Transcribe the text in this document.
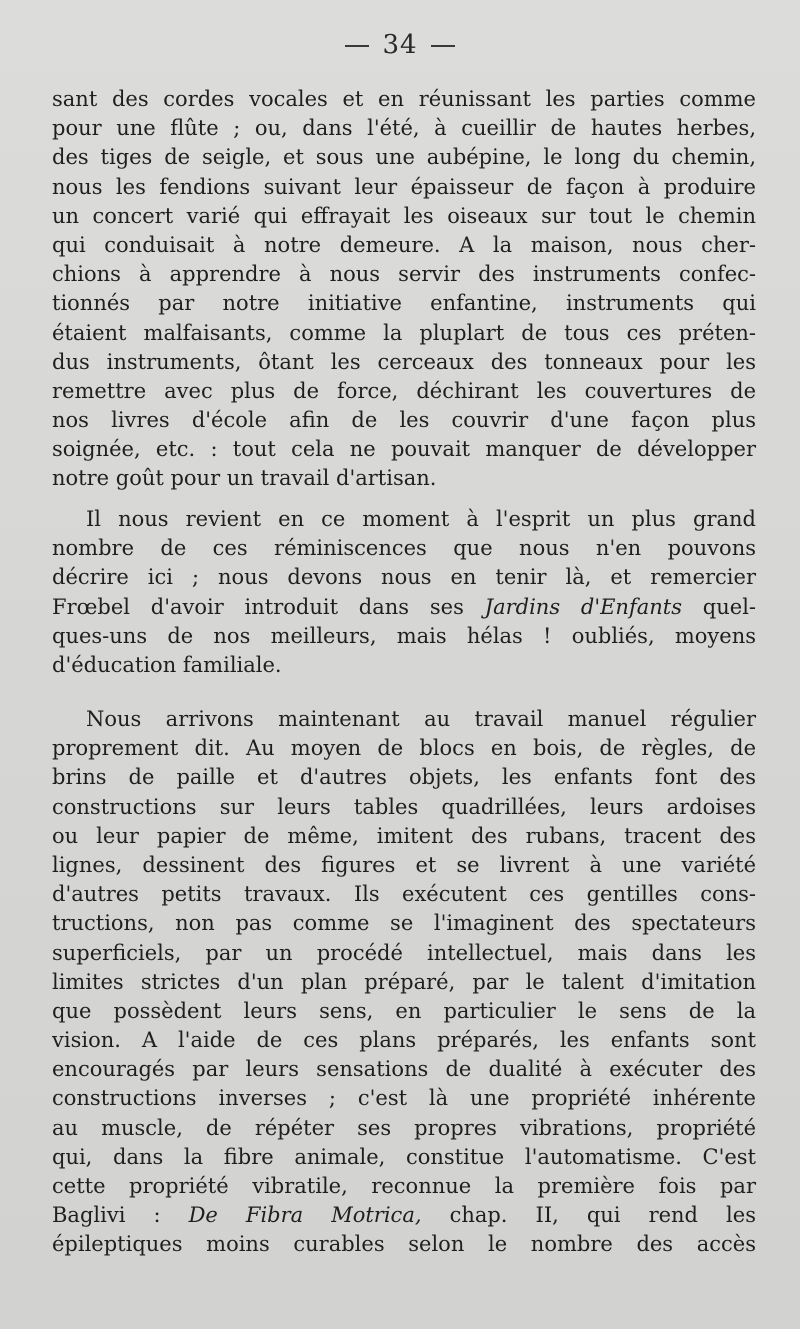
34
sant des cordes vocales et en réunissant les parties comme
pour une flûte ; ou, dans l'été, à cueillir de hautes herbes,
des tiges de seigle, et sous une aubépine, le long du chemin,
nous les fendions suivant leur épaisseur de façon à produire
un concert varié qui effrayait les oiseaux sur tout le chemin
qui conduisait à notre demeure. A la maison, nous cher-
chions à apprendre à nous servir des instruments confec-
tionnés par notre initiative enfantine, instruments qui
étaient malfaisants, comme la pluplart de tous ces préten-
dus instruments, ôtant les cerceaux des tonneaux pour les
remettre avec plus de force, déchirant les couvertures de
nos livres d'école afin de les couvrir d'une façon plus
soignée, etc. : tout cela ne pouvait manquer de développer
notre goût pour un travail d'artisan.
Il nous revient en ce moment à l'esprit un plus grand
nombre de ces réminiscences que nous n'en pouvons
décrire ici ; nous devons nous en tenir là, et remercier
Frœbel d'avoir introduit dans ses Jardins d'Enfants quel-
ques-uns de nos meilleurs, mais hélas ! oubliés, moyens
d'éducation familiale.
Nous arrivons maintenant au travail manuel régulier
proprement dit. Au moyen de blocs en bois, de règles, de
brins de paille et d'autres objets, les enfants font des
constructions sur leurs tables quadrillées, leurs ardoises
ou leur papier de même, imitent des rubans, tracent des
lignes, dessinent des figures et se livrent à une variété
d'autres petits travaux. Ils exécutent ces gentilles cons-
tructions, non pas comme se l'imaginent des spectateurs
superficiels, par un procédé intellectuel, mais dans les
limites strictes d'un plan préparé, par le talent d'imitation
que possèdent leurs sens, en particulier le sens de la
vision. A l'aide de ces plans préparés, les enfants sont
encouragés par leurs sensations de dualité à exécuter des
constructions inverses ; c'est là une propriété inhérente
au muscle, de répéter ses propres vibrations, propriété
qui, dans la fibre animale, constitue l'automatisme. C'est
cette propriété vibratile, reconnue la première fois par
Baglivi : De Fibra Motrica, chap. II, qui rend les
épileptiques moins curables selon le nombre des accès
